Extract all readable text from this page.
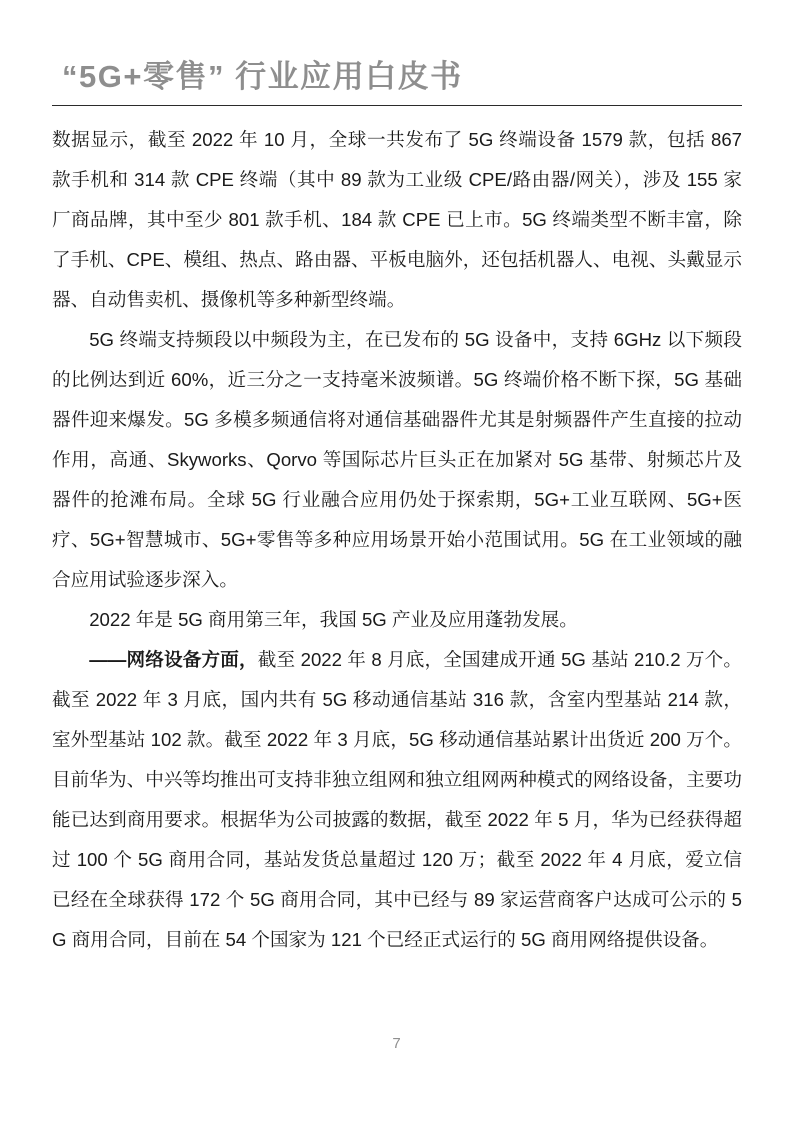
“5G+零售” 行业应用白皮书

数据显示，截至 2022 年 10 月，全球一共发布了 5G 终端设备 1579 款，包括 867 款手机和 314 款 CPE 终端（其中 89 款为工业级 CPE/路由器/网关），涉及 155 家厂商品牌，其中至少 801 款手机、184 款 CPE 已上市。5G 终端类型不断丰富，除了手机、CPE、模组、热点、路由器、平板电脑外，还包括机器人、电视、头戴显示器、自动售卖机、摄像机等多种新型终端。

5G 终端支持频段以中频段为主，在已发布的 5G 设备中，支持 6GHz 以下频段的比例达到近 60%，近三分之一支持毫米波频谱。5G 终端价格不断下探，5G 基础器件迎来爆发。5G 多模多频通信将对通信基础器件尤其是射频器件产生直接的拉动作用，高通、Skyworks、Qorvo 等国际芯片巨头正在加紧对 5G 基带、射频芯片及器件的抢滩布局。全球 5G 行业融合应用仍处于探索期，5G+工业互联网、5G+医疗、5G+智慧城市、5G+零售等多种应用场景开始小范围试用。5G 在工业领域的融合应用试验逐步深入。

2022 年是 5G 商用第三年，我国 5G 产业及应用蓬勃发展。

——网络设备方面，截至 2022 年 8 月底，全国建成开通 5G 基站 210.2 万个。截至 2022 年 3 月底，国内共有 5G 移动通信基站 316 款，含室内型基站 214 款，室外型基站 102 款。截至 2022 年 3 月底，5G 移动通信基站累计出货近 200 万个。目前华为、中兴等均推出可支持非独立组网和独立组网两种模式的网络设备，主要功能已达到商用要求。根据华为公司披露的数据，截至 2022 年 5 月，华为已经获得超过 100 个 5G 商用合同，基站发货总量超过 120 万；截至 2022 年 4 月底，爱立信已经在全球获得 172 个 5G 商用合同，其中已经与 89 家运营商客户达成可公示的 5G 商用合同，目前在 54 个国家为 121 个已经正式运行的 5G 商用网络提供设备。

7
